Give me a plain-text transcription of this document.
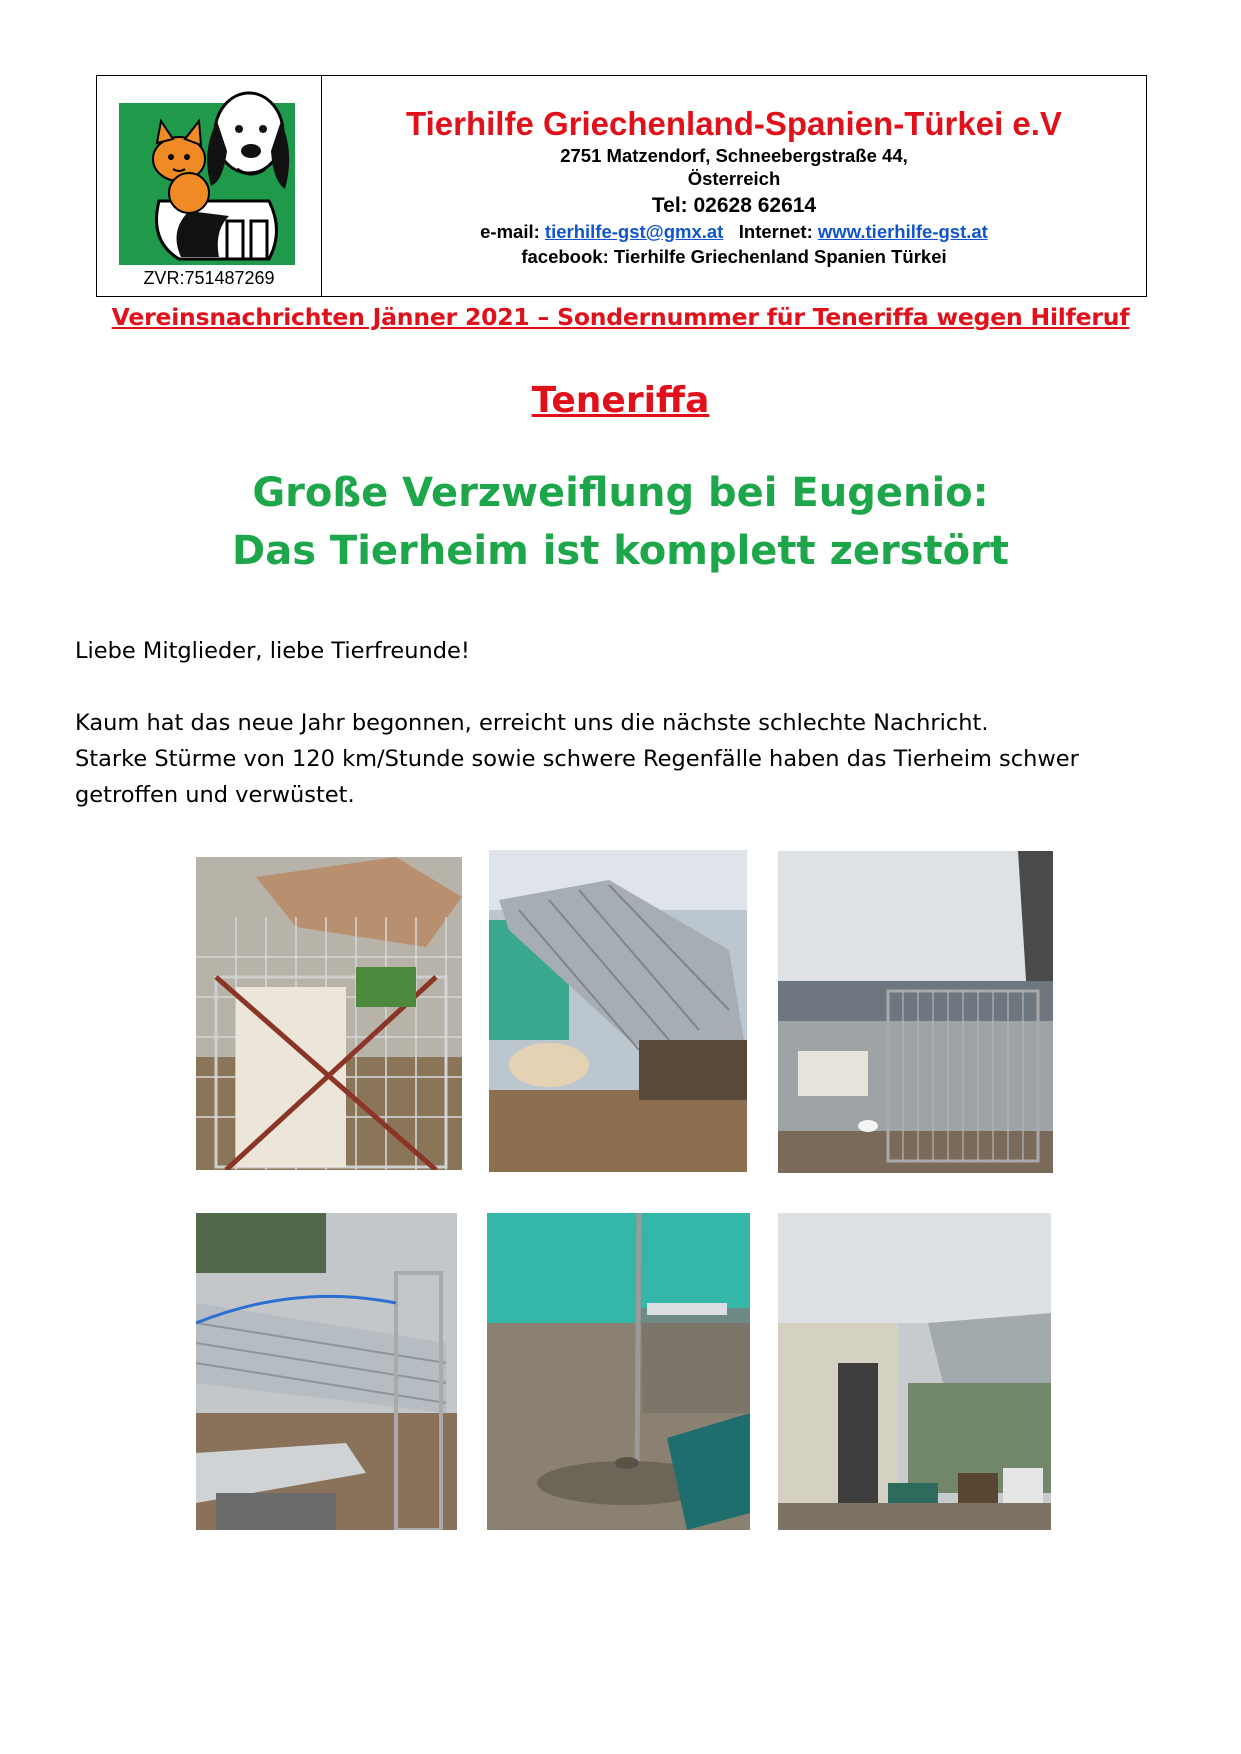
ZVR:751487269

Tierhilfe Griechenland-Spanien-Türkei e.V

2751 Matzendorf, Schneebergstraße 44,

Österreich

Tel: 02628 62614

e-mail: tierhilfe-gst@gmx.at Internet: www.tierhilfe-gst.at

facebook: Tierhilfe Griechenland Spanien Türkei

Vereinsnachrichten Jänner 2021 – Sondernummer für Teneriffa wegen Hilferuf
Teneriffa
Große Verzweiflung bei Eugenio:
Das Tierheim ist komplett zerstört

Liebe Mitglieder, liebe Tierfreunde!

Kaum hat das neue Jahr begonnen, erreicht uns die nächste schlechte Nachricht.

Starke Stürme von 120 km/Stunde sowie schwere Regenfälle haben das Tierheim schwer

getroffen und verwüstet.
